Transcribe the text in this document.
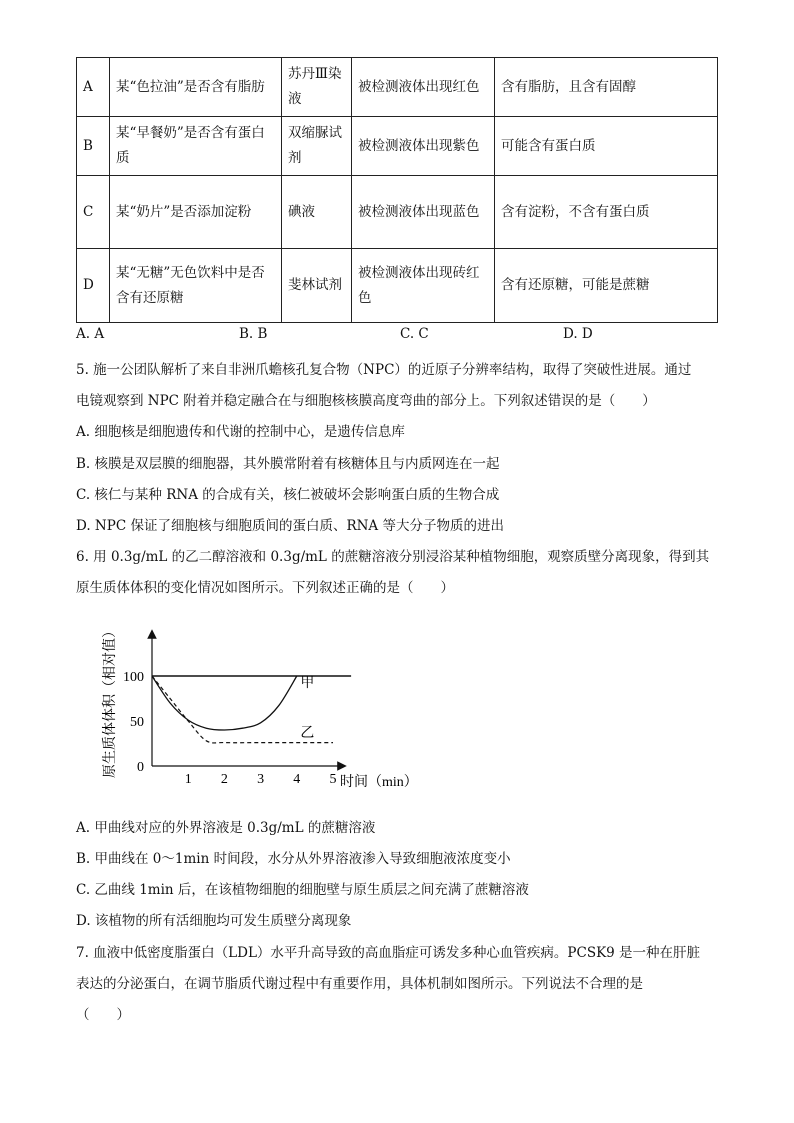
A	某“色拉油”是否含有脂肪	苏丹Ⅲ染液	被检测液体出现红色	含有脂肪，且含有固醇
B	某“早餐奶”是否含有蛋白质	双缩脲试剂	被检测液体出现紫色	可能含有蛋白质
C	某“奶片”是否添加淀粉	碘液	被检测液体出现蓝色	含有淀粉，不含有蛋白质
D	某“无糖”无色饮料中是否含有还原糖	斐林试剂	被检测液体出现砖红色	含有还原糖，可能是蔗糖
A. A	B. B	C. C	D. D
5. 施一公团队解析了来自非洲爪蟾核孔复合物（NPC）的近原子分辨率结构，取得了突破性进展。通过
电镜观察到 NPC 附着并稳定融合在与细胞核核膜高度弯曲的部分上。下列叙述错误的是（　　）
A. 细胞核是细胞遗传和代谢的控制中心，是遗传信息库
B. 核膜是双层膜的细胞器，其外膜常附着有核糖体且与内质网连在一起
C. 核仁与某种 RNA 的合成有关，核仁被破坏会影响蛋白质的生物合成
D. NPC 保证了细胞核与细胞质间的蛋白质、RNA 等大分子物质的进出
6. 用 0.3g/mL 的乙二醇溶液和 0.3g/mL 的蔗糖溶液分别浸浴某种植物细胞，观察质壁分离现象，得到其
原生质体体积的变化情况如图所示。下列叙述正确的是（　　）
甲
乙
0
50
100
1 2 3 4 5 时间（min）
原生质体体积（相对值）
A. 甲曲线对应的外界溶液是 0.3g/mL 的蔗糖溶液
B. 甲曲线在 0～1min 时间段，水分从外界溶液渗入导致细胞液浓度变小
C. 乙曲线 1min 后，在该植物细胞的细胞壁与原生质层之间充满了蔗糖溶液
D. 该植物的所有活细胞均可发生质壁分离现象
7. 血液中低密度脂蛋白（LDL）水平升高导致的高血脂症可诱发多种心血管疾病。PCSK9 是一种在肝脏
表达的分泌蛋白，在调节脂质代谢过程中有重要作用，具体机制如图所示。下列说法不合理的是
（　　）
